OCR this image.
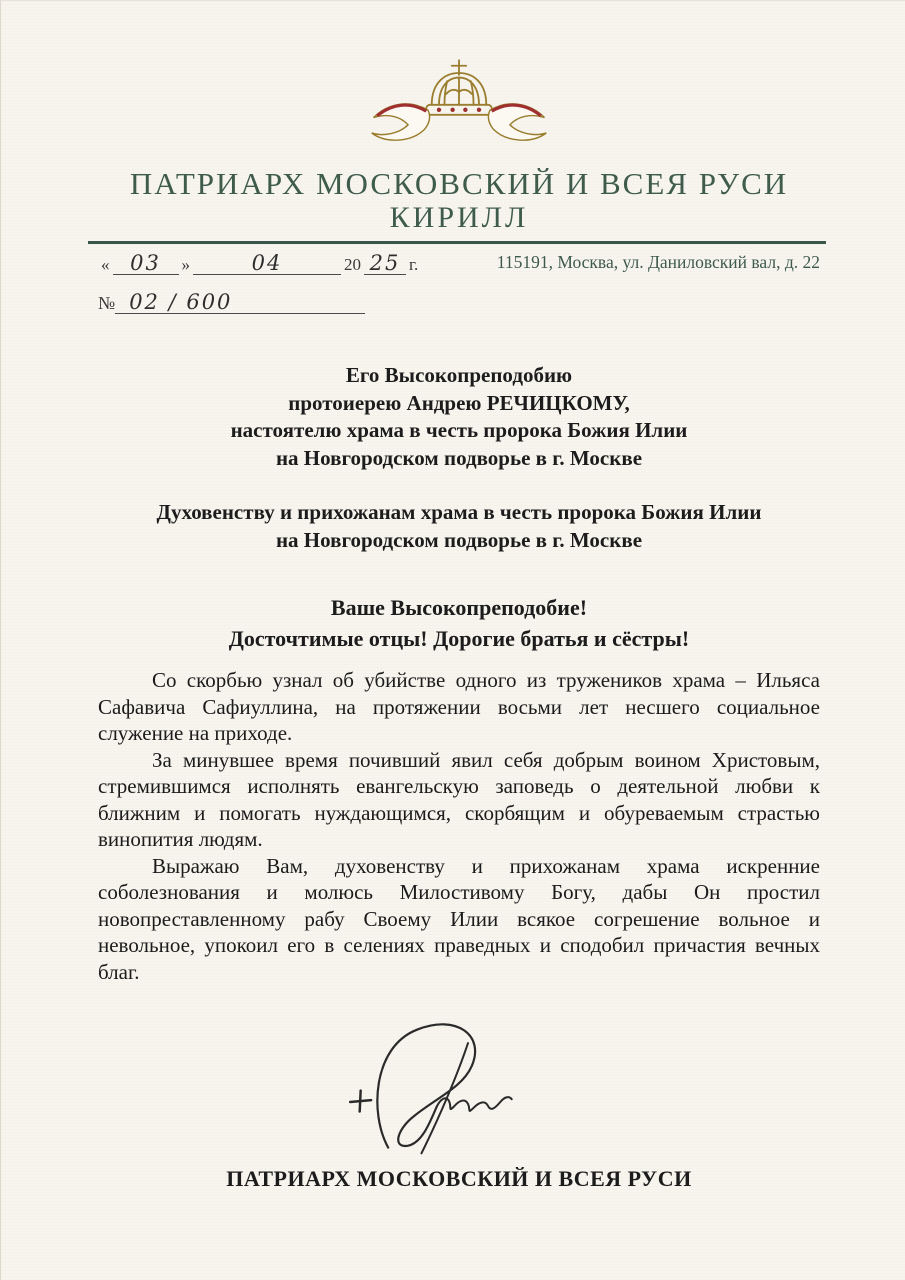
ПАТРИАРХ МОСКОВСКИЙ И ВСЕЯ РУСИ
КИРИЛЛ
« 03 »	04	20 25 г.	115191, Москва, ул. Даниловский вал, д. 22
№ 02 / 600
Его Высокопреподобию
протоиерею Андрею РЕЧИЦКОМУ,
настоятелю храма в честь пророка Божия Илии
на Новгородском подворье в г. Москве
Духовенству и прихожанам храма в честь пророка Божия Илии
на Новгородском подворье в г. Москве
Ваше Высокопреподобие!
Досточтимые отцы! Дорогие братья и сёстры!

Со скорбью узнал об убийстве одного из тружеников храма – Ильяса Сафавича Сафиуллина, на протяжении восьми лет несшего социальное служение на приходе.

За минувшее время почивший явил себя добрым воином Христовым, стремившимся исполнять евангельскую заповедь о деятельной любви к ближним и помогать нуждающимся, скорбящим и обуреваемым страстью винопития людям.

Выражаю Вам, духовенству и прихожанам храма искренние соболезнования и молюсь Милостивому Богу, дабы Он простил новопреставленному рабу Своему Илии всякое согрешение вольное и невольное, упокоил его в селениях праведных и сподобил причастия вечных благ.

ПАТРИАРХ МОСКОВСКИЙ И ВСЕЯ РУСИ
